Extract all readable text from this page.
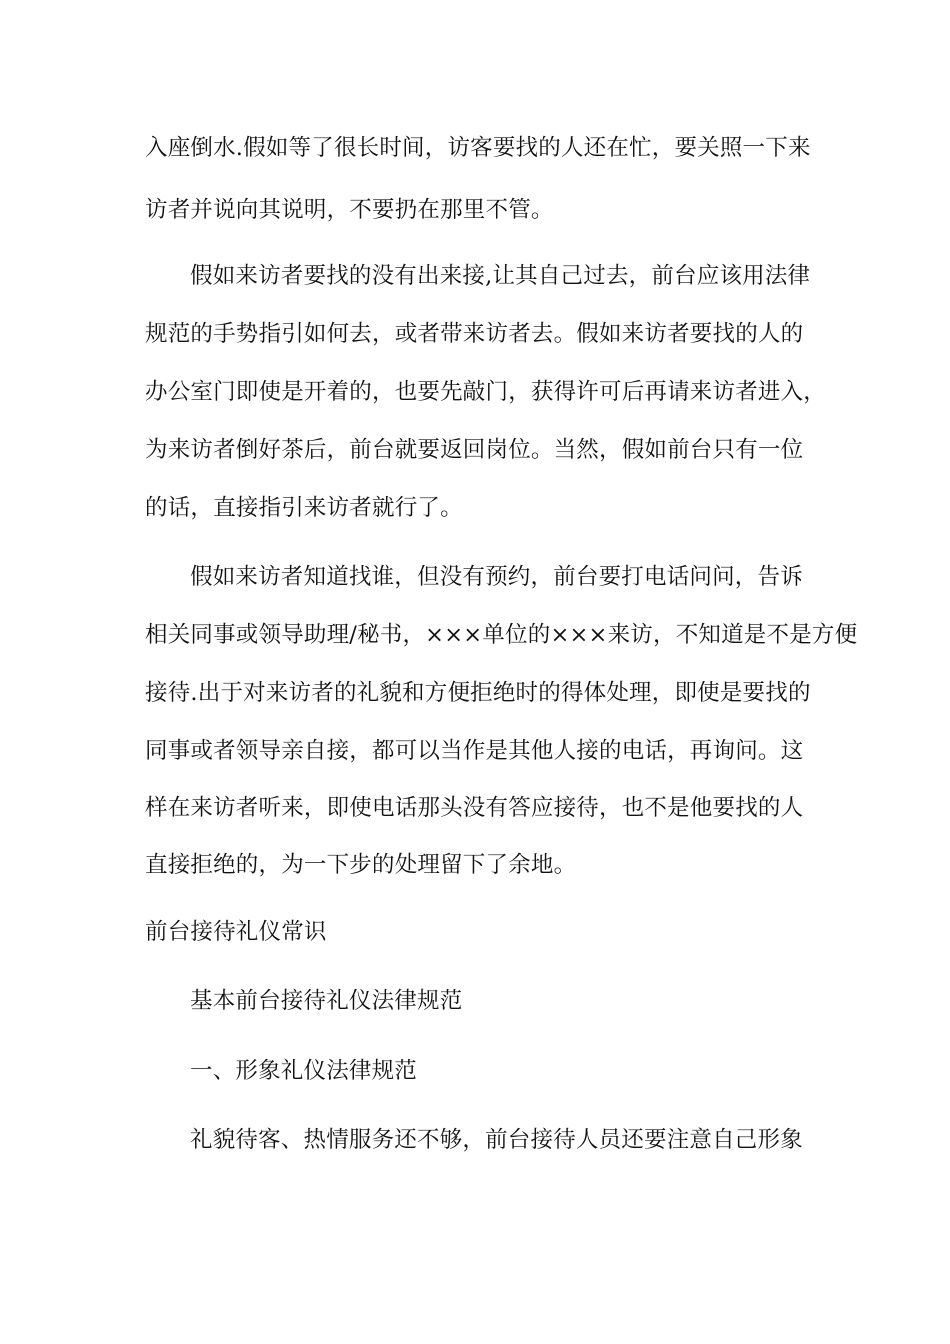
入座倒水.假如等了很长时间，访客要找的人还在忙，要关照一下来
访者并说向其说明，不要扔在那里不管。
假如来访者要找的没有出来接,让其自己过去，前台应该用法律
规范的手势指引如何去，或者带来访者去。假如来访者要找的人的
办公室门即使是开着的，也要先敲门，获得许可后再请来访者进入，
为来访者倒好茶后，前台就要返回岗位。当然，假如前台只有一位
的话，直接指引来访者就行了。
假如来访者知道找谁，但没有预约，前台要打电话问问，告诉
相关同事或领导助理/秘书，×××单位的×××来访，不知道是不是方便
接待.出于对来访者的礼貌和方便拒绝时的得体处理，即使是要找的
同事或者领导亲自接，都可以当作是其他人接的电话，再询问。这
样在来访者听来，即使电话那头没有答应接待，也不是他要找的人
直接拒绝的，为一下步的处理留下了余地。
前台接待礼仪常识
基本前台接待礼仪法律规范
一、形象礼仪法律规范
礼貌待客、热情服务还不够，前台接待人员还要注意自己形象
